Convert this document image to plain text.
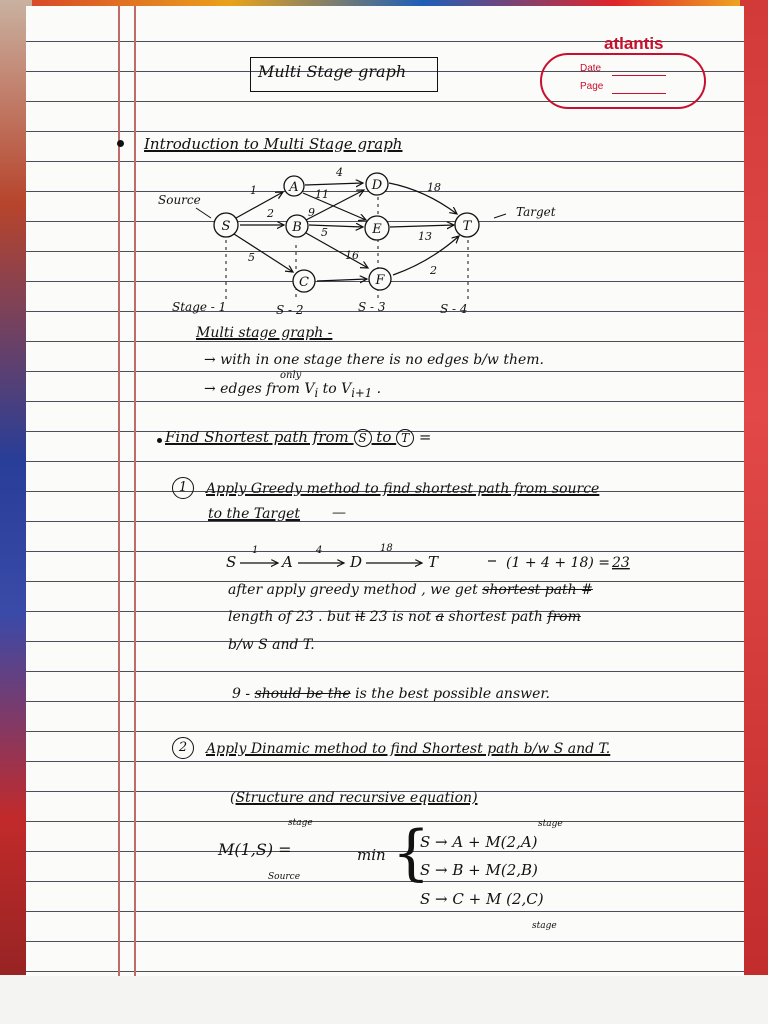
atlantis
Date
Page
Multi Stage graph
Introduction to Multi Stage graph
S
A
B
C
D
E
F
T
1
2
5
4
11
9
5
16
18
13
2
Source
Target
Stage - 1	S - 2	S - 3	S - 4
Multi stage graph -
→ with in one stage there is no edges b/w them.
only
→ edges from $V_i$ to $V_{i+1}$ .
Find Shortest path from S to T =
1	Apply Greedy method to find shortest path from source
to the Target —
S	A	D	T
1	4	18
(1 + 4 + 18) = 23
after apply greedy method , we get shortest path #
length of 23 . but it 23 is not a shortest path from
b/w S and T.
9 - should be the is the best possible answer.
2	Apply Dinamic method to find Shortest path b/w S and T.
(Structure and recursive equation)
stage
M(1,S) =
Source
min {	stage
S → A + M(2,A)
S → B + M(2,B)
S → C + M (2,C)
stage
